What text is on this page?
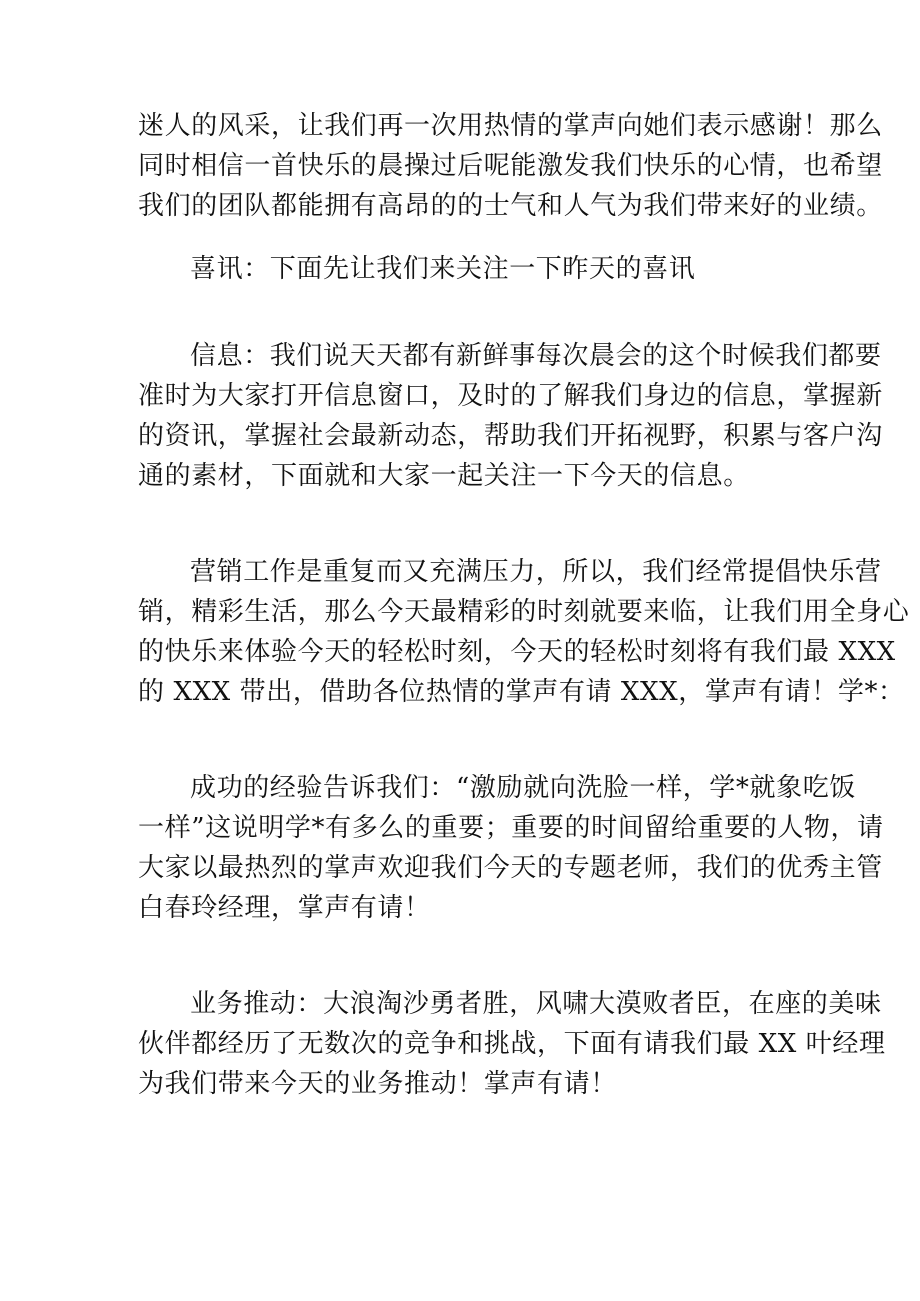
迷人的风采，让我们再一次用热情的掌声向她们表示感谢！那么
同时相信一首快乐的晨操过后呢能激发我们快乐的心情，也希望
我们的团队都能拥有高昂的的士气和人气为我们带来好的业绩。
喜讯：下面先让我们来关注一下昨天的喜讯
信息：我们说天天都有新鲜事每次晨会的这个时候我们都要
准时为大家打开信息窗口，及时的了解我们身边的信息，掌握新
的资讯，掌握社会最新动态，帮助我们开拓视野，积累与客户沟
通的素材，下面就和大家一起关注一下今天的信息。
营销工作是重复而又充满压力，所以，我们经常提倡快乐营
销，精彩生活，那么今天最精彩的时刻就要来临，让我们用全身心
的快乐来体验今天的轻松时刻，今天的轻松时刻将有我们最 XXX
的 XXX 带出，借助各位热情的掌声有请 XXX，掌声有请！学*：
成功的经验告诉我们：“激励就向洗脸一样，学*就象吃饭
一样”这说明学*有多么的重要；重要的时间留给重要的人物，请
大家以最热烈的掌声欢迎我们今天的专题老师，我们的优秀主管
白春玲经理，掌声有请！
业务推动：大浪淘沙勇者胜，风啸大漠败者臣，在座的美味
伙伴都经历了无数次的竞争和挑战，下面有请我们最 XX 叶经理
为我们带来今天的业务推动！掌声有请！
